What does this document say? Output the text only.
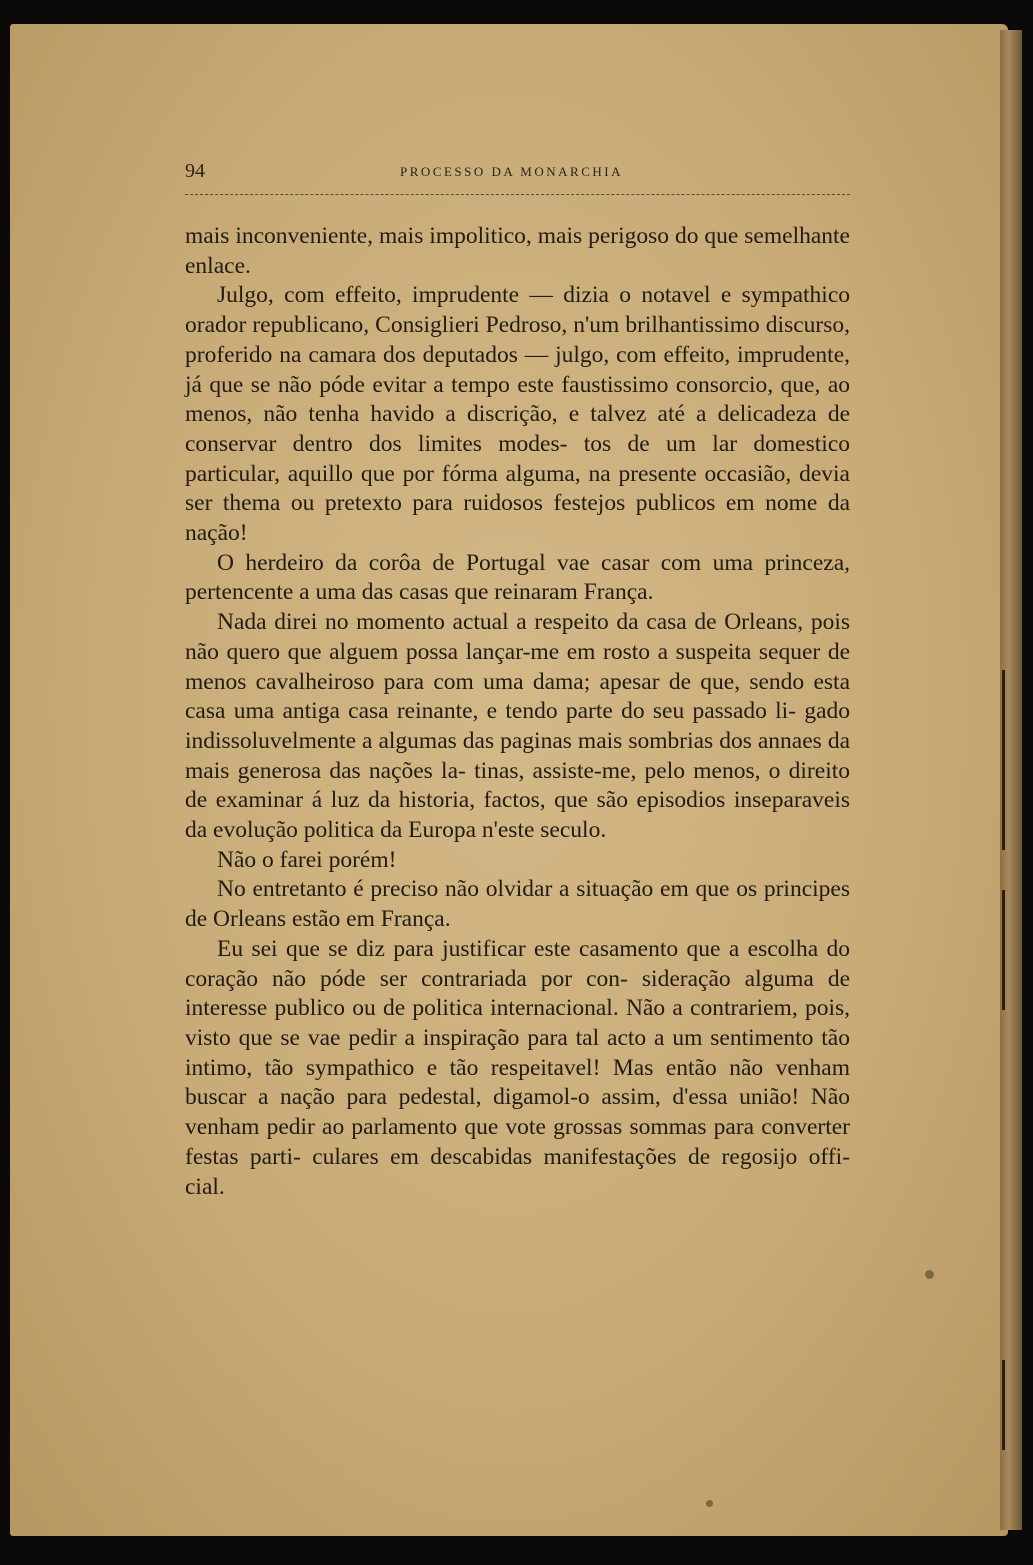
94	PROCESSO DA MONARCHIA

mais inconveniente, mais impolitico, mais perigoso do que semelhante enlace.

Julgo, com effeito, imprudente — dizia o notavel e sympathico orador republicano, Consiglieri Pedroso, n'um brilhantissimo discurso, proferido na camara dos deputados — julgo, com effeito, imprudente, já que se não póde evitar a tempo este faustissimo consorcio, que, ao menos, não tenha havido a discrição, e talvez até a delicadeza de conservar dentro dos limites modes- tos de um lar domestico particular, aquillo que por fórma alguma, na presente occasião, devia ser thema ou pretexto para ruidosos festejos publicos em nome da nação!

O herdeiro da corôa de Portugal vae casar com uma princeza, pertencente a uma das casas que reinaram França.

Nada direi no momento actual a respeito da casa de Orleans, pois não quero que alguem possa lançar-me em rosto a suspeita sequer de menos cavalheiroso para com uma dama; apesar de que, sendo esta casa uma antiga casa reinante, e tendo parte do seu passado li- gado indissoluvelmente a algumas das paginas mais sombrias dos annaes da mais generosa das nações la- tinas, assiste-me, pelo menos, o direito de examinar á luz da historia, factos, que são episodios inseparaveis da evolução politica da Europa n'este seculo.

Não o farei porém!

No entretanto é preciso não olvidar a situação em que os principes de Orleans estão em França.

Eu sei que se diz para justificar este casamento que a escolha do coração não póde ser contrariada por con- sideração alguma de interesse publico ou de politica internacional. Não a contrariem, pois, visto que se vae pedir a inspiração para tal acto a um sentimento tão intimo, tão sympathico e tão respeitavel! Mas então não venham buscar a nação para pedestal, digamol-o assim, d'essa união! Não venham pedir ao parlamento que vote grossas sommas para converter festas parti- culares em descabidas manifestações de regosijo offi- cial.
